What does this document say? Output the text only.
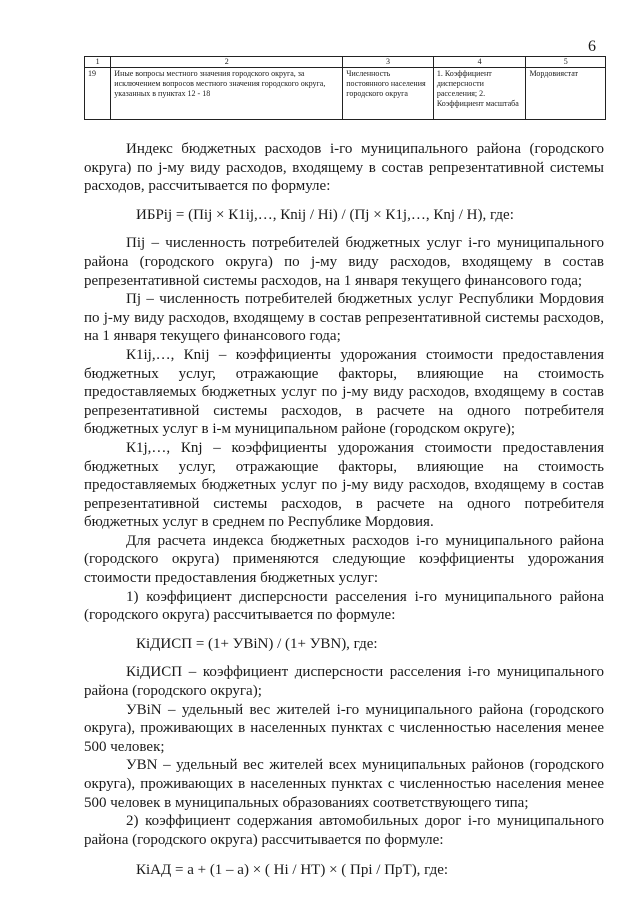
6
1	2	3	4	5
19	Иные вопросы местного значения городского округа, за исключением вопросов местного значения городского округа, указанных в пунктах 12 - 18	Численность постоянного населения городского округа	1. Коэффициент дисперсности расселения; 2. Коэффициент масштаба	Мордовиястат

Индекс бюджетных расходов i-го муниципального района (городского округа) по j-му виду расходов, входящему в состав репрезентативной системы расходов, рассчитывается по формуле:

ИБРij = (Пij × К1ij,…, Кnij / Нi) / (Пj × К1j,…, Кnj / Н), где:

Пij – численность потребителей бюджетных услуг i-го муниципального района (городского округа) по j-му виду расходов, входящему в состав репрезентативной системы расходов, на 1 января текущего финансового года;

Пj – численность потребителей бюджетных услуг Республики Мордовия по j-му виду расходов, входящему в состав репрезентативной системы расходов, на 1 января текущего финансового года;

К1ij,…, Кnij – коэффициенты удорожания стоимости предоставления бюджетных услуг, отражающие факторы, влияющие на стоимость предоставляемых бюджетных услуг по j-му виду расходов, входящему в состав репрезентативной системы расходов, в расчете на одного потребителя бюджетных услуг в i-м муниципальном районе (городском округе);

К1j,…, Кnj – коэффициенты удорожания стоимости предоставления бюджетных услуг, отражающие факторы, влияющие на стоимость предоставляемых бюджетных услуг по j-му виду расходов, входящему в состав репрезентативной системы расходов, в расчете на одного потребителя бюджетных услуг в среднем по Республике Мордовия.

Для расчета индекса бюджетных расходов i-го муниципального района (городского округа) применяются следующие коэффициенты удорожания стоимости предоставления бюджетных услуг:

1) коэффициент дисперсности расселения i-го муниципального района (городского округа) рассчитывается по формуле:

КiДИСП = (1+ УВiN) / (1+ УВN), где:

КiДИСП – коэффициент дисперсности расселения i-го муниципального района (городского округа);

УВiN – удельный вес жителей i-го муниципального района (городского округа), проживающих в населенных пунктах с численностью населения менее 500 человек;

УВN – удельный вес жителей всех муниципальных районов (городского округа), проживающих в населенных пунктах с численностью населения менее 500 человек в муниципальных образованиях соответствующего типа;

2) коэффициент содержания автомобильных дорог i-го муниципального района (городского округа) рассчитывается по формуле:

КiАД = а + (1 – а) × ( Нi / НТ) × ( Прi / ПрТ), где:
